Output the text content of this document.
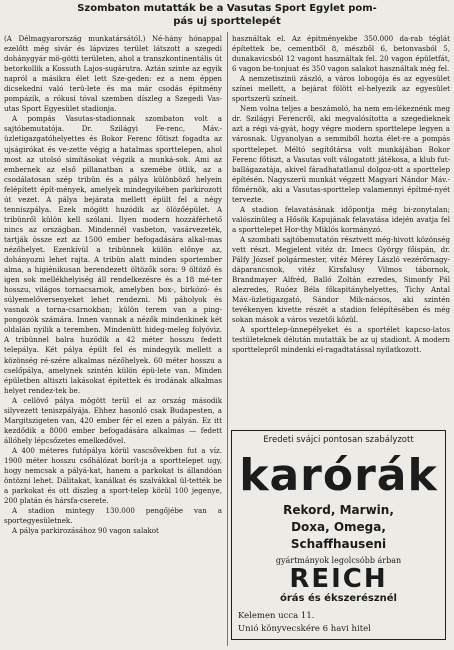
Szombaton mutatták be a Vasutas Sport Egylet pom-
pás uj sporttelepét

(A Délmagyarország munkatársától.) Né-hány hónappal ezelőtt még sivár és lápvizes terület látszott a szegedi dohánygyár mö-götti területen, ahol a transzkontinentális út betorkollik a Kossuth Lajos-sugárutra. Aztán szinte az egyik napról a másikra élet lett Sze-geden: ez a nem éppen dicsekedni való terü-lete és ma már csodás épitmény pompázik, a rókusi tóval szemben díszleg a Szegedi Vas-utas Sport Egyesület stadionja.

A pompás Vasutas-stadionnak szombaton volt a sajtóbemutatója. Dr. Szilágyi Fe-renc, Máv.-üzletigazgatóhelyettes és Bokor Ferenc főtiszt fogadta az ujságirókat és ve-zette végig a hatalmas sporttelepen, ahol most az utolsó simításokat végzik a munká-sok. Ami az embernek az első pillanatban a szemébe ötlik, az a csodálatosan szép tribün és a pálya különböző helyein felépített épít-mények, amelyek mindegyikében parkirozott út vezet. A pálya bejárata mellett épült fel a négy tenniszpálya. Ezek mögött huzódik az ölözőépület. A tribünről külön kell szólani. Ilyen modern hozzáférhető nincs az országban. Mindennél vasbeton, vasárvezeték, tartják össze ezt az 1500 ember befogadására alkal-mas nézőhelyet. Ezenkívül a tribünnek külön előnye az, dohányozni lehet rajta. A tribün alatt minden sportember alma, a higiénikusan berendezett öltözők sora: 9 öltöző és igen sok mellékhelyiség áll rendelkezésre és a 18 mé-ter hosszu, világos tornacsarnok, amelyben box-, birkózó- és súlyemelőversenyeket lehet rendezni. Mi páholyok és vasnak a torna-csarnokban; külön terem van a ping-pongozók számára. Innen vannak a nézők mindenkinek két oldalán nyilik a teremben. Mindenütt hideg-meleg folyóviz. A tribünnel balra huzódik a 42 méter hosszu fedett telepályа. Két pálya épült fel és mindegyik mellett a közönség ré-szére alkalmas nézőhelyek. 60 méter hosszu a cselőpálya, amelynek szintén külön épü-lete van. Minden épületben altiszti lakásokat építettek és irodának alkalmas helyet rendez-tek be.

A cellövő pálya mögött terül el az ország második silyvezett teniszpályája. Ehhez hasonló csak Budapesten, a Margitszigeten van, 420 ember fér el ezen a pályán. Ez itt kezdődik a 8000 ember befogadására alkalmas — fedett állóhely lépcsőzetes emelkedővel.

A 400 méteres futópálya körül vascsővekben fut a víz. 1900 méter hosszu csőhálózat borít-ja a sporttelepet ugy, hogy nemcsak a pályá-kat, hanem a parkokat is állandóan öntözni lehet. Dálitakat, kanálkat és szalvákkal ül-tették be a parkokat és ott díszleg a sport-telep körül 100 jegenye, 200 platán és hársfa-cserete.

A stadion mintegy 130.000 pengőjébe van a sportegyesületnek.

A pálya parkirozásához 90 vagon salakot

használtak el. Az épitményekbe 350.000 da-rab téglát építettek be, cementből 8, mészből 6, betonvasból 5, dunakavicsból 12 vagont használtak fel. 20 vagon épületfát, 6 vagon be-tonjuat és 350 vagon salakot használtak még fel.

A nemzetiszinü zászló, a város lobogója és az egyesület színei mellett, a bejárat fölött el-helyezik az egyesület sportszerü színeit.

Nem volna teljes a beszámoló, ha nem em-lékeznénk meg dr. Szilágyi Ferencről, aki megvalósította a szegedieknek azt a régi vá-gyát, hogy végre modern sporttelepe legyen a városnak. Ugyanolyan a semmiből hozta élet-re a pompás sporttelepet. Méltó segítőtársa volt munkájában Bokor Ferenc főtiszt, a Vasutas volt válogatott játékosa, a klub fut-ballágazatája, akivel fáradhatatlanul dolgoz-ott a sporttelep építésén. Nagyszerü munkát végzett Magyari Nándor Máv.-főmérnök, aki a Vasutas-sporttelep valamennyi építmé-nyét tervezte.

A stadion felavatásának időpontja még bi-zonytalan; valószínüleg a Hősök Kapujának felavatása idején avatja fel a sporttelepet Hor-thy Miklós kormányzó.

A szombati sajtóbemutatón résztvett még-hivott közönség vett részt. Megjelent vitéz dr. Imecs György főispán, dr. Pálfy József polgármester, vitéz Mérey László vezérőrnagy-dáparancsnok, vitéz Kirsfalusy Vilmos tábornok, Brandmayer Alfréd, Balló Zoltán ezredes, Simonfy Pál alezredes, Ruóez Béla főkapitányhelyettes, Tichy Antal Máv.-üzletigazgató, Sándor Mik-nácsos, aki szintén tevékenyen kivette részét a stadion felépítésében és még sokan mások a város vezetői közül.

A sporttelep-ünnepélyeket és a sportélet kapcso-latos testületeknek délután mutatták be az uj stadiont. A modern sporttelepről mindenki el-ragadtatással nyilatkozott.

Eredeti svájci pontosan szabályzott
karórák
Rekord, Marwin,
Doxa, Omega,
Schaffhauseni
gyártmányok legolcsóbb árban
REICH
órás és ékszerésznél
Kelemen ucca 11.
Unió könyvecskére 6 havi hitel
